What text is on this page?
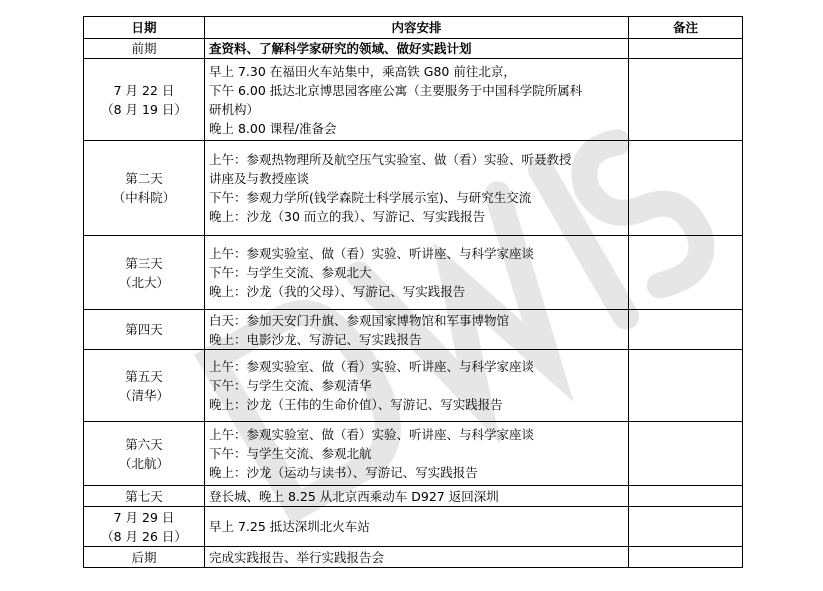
日期	内容安排	备注

前期	查资料、了解科学家研究的领域、做好实践计划	

7 月 22 日
（8 月 19 日）	早上 7.30 在福田火车站集中，乘高铁 G80 前往北京，
下午 6.00 抵达北京博思园客座公寓（主要服务于中国科学院所属科
研机构）
晚上 8.00 课程/准备会	

第二天
（中科院）	上午：参观热物理所及航空压气实验室、做（看）实验、听聂教授
讲座及与教授座谈
下午：参观力学所(钱学森院士科学展示室)、与研究生交流
晚上：沙龙（30 而立的我）、写游记、写实践报告	

第三天
（北大）	上午：参观实验室、做（看）实验、听讲座、与科学家座谈
下午：与学生交流、参观北大
晚上：沙龙（我的父母）、写游记、写实践报告	

第四天	白天：参加天安门升旗、参观国家博物馆和军事博物馆
晚上：电影沙龙、写游记、写实践报告	

第五天
（清华）	上午：参观实验室、做（看）实验、听讲座、与科学家座谈
下午：与学生交流、参观清华
晚上：沙龙（王伟的生命价值）、写游记、写实践报告	

第六天
（北航）	上午：参观实验室、做（看）实验、听讲座、与科学家座谈
下午：与学生交流、参观北航
晚上：沙龙（运动与读书）、写游记、写实践报告	

第七天	登长城、晚上 8.25 从北京西乘动车 D927 返回深圳	

7 月 29 日
（8 月 26 日）	早上 7.25 抵达深圳北火车站	

后期	完成实践报告、举行实践报告会	
